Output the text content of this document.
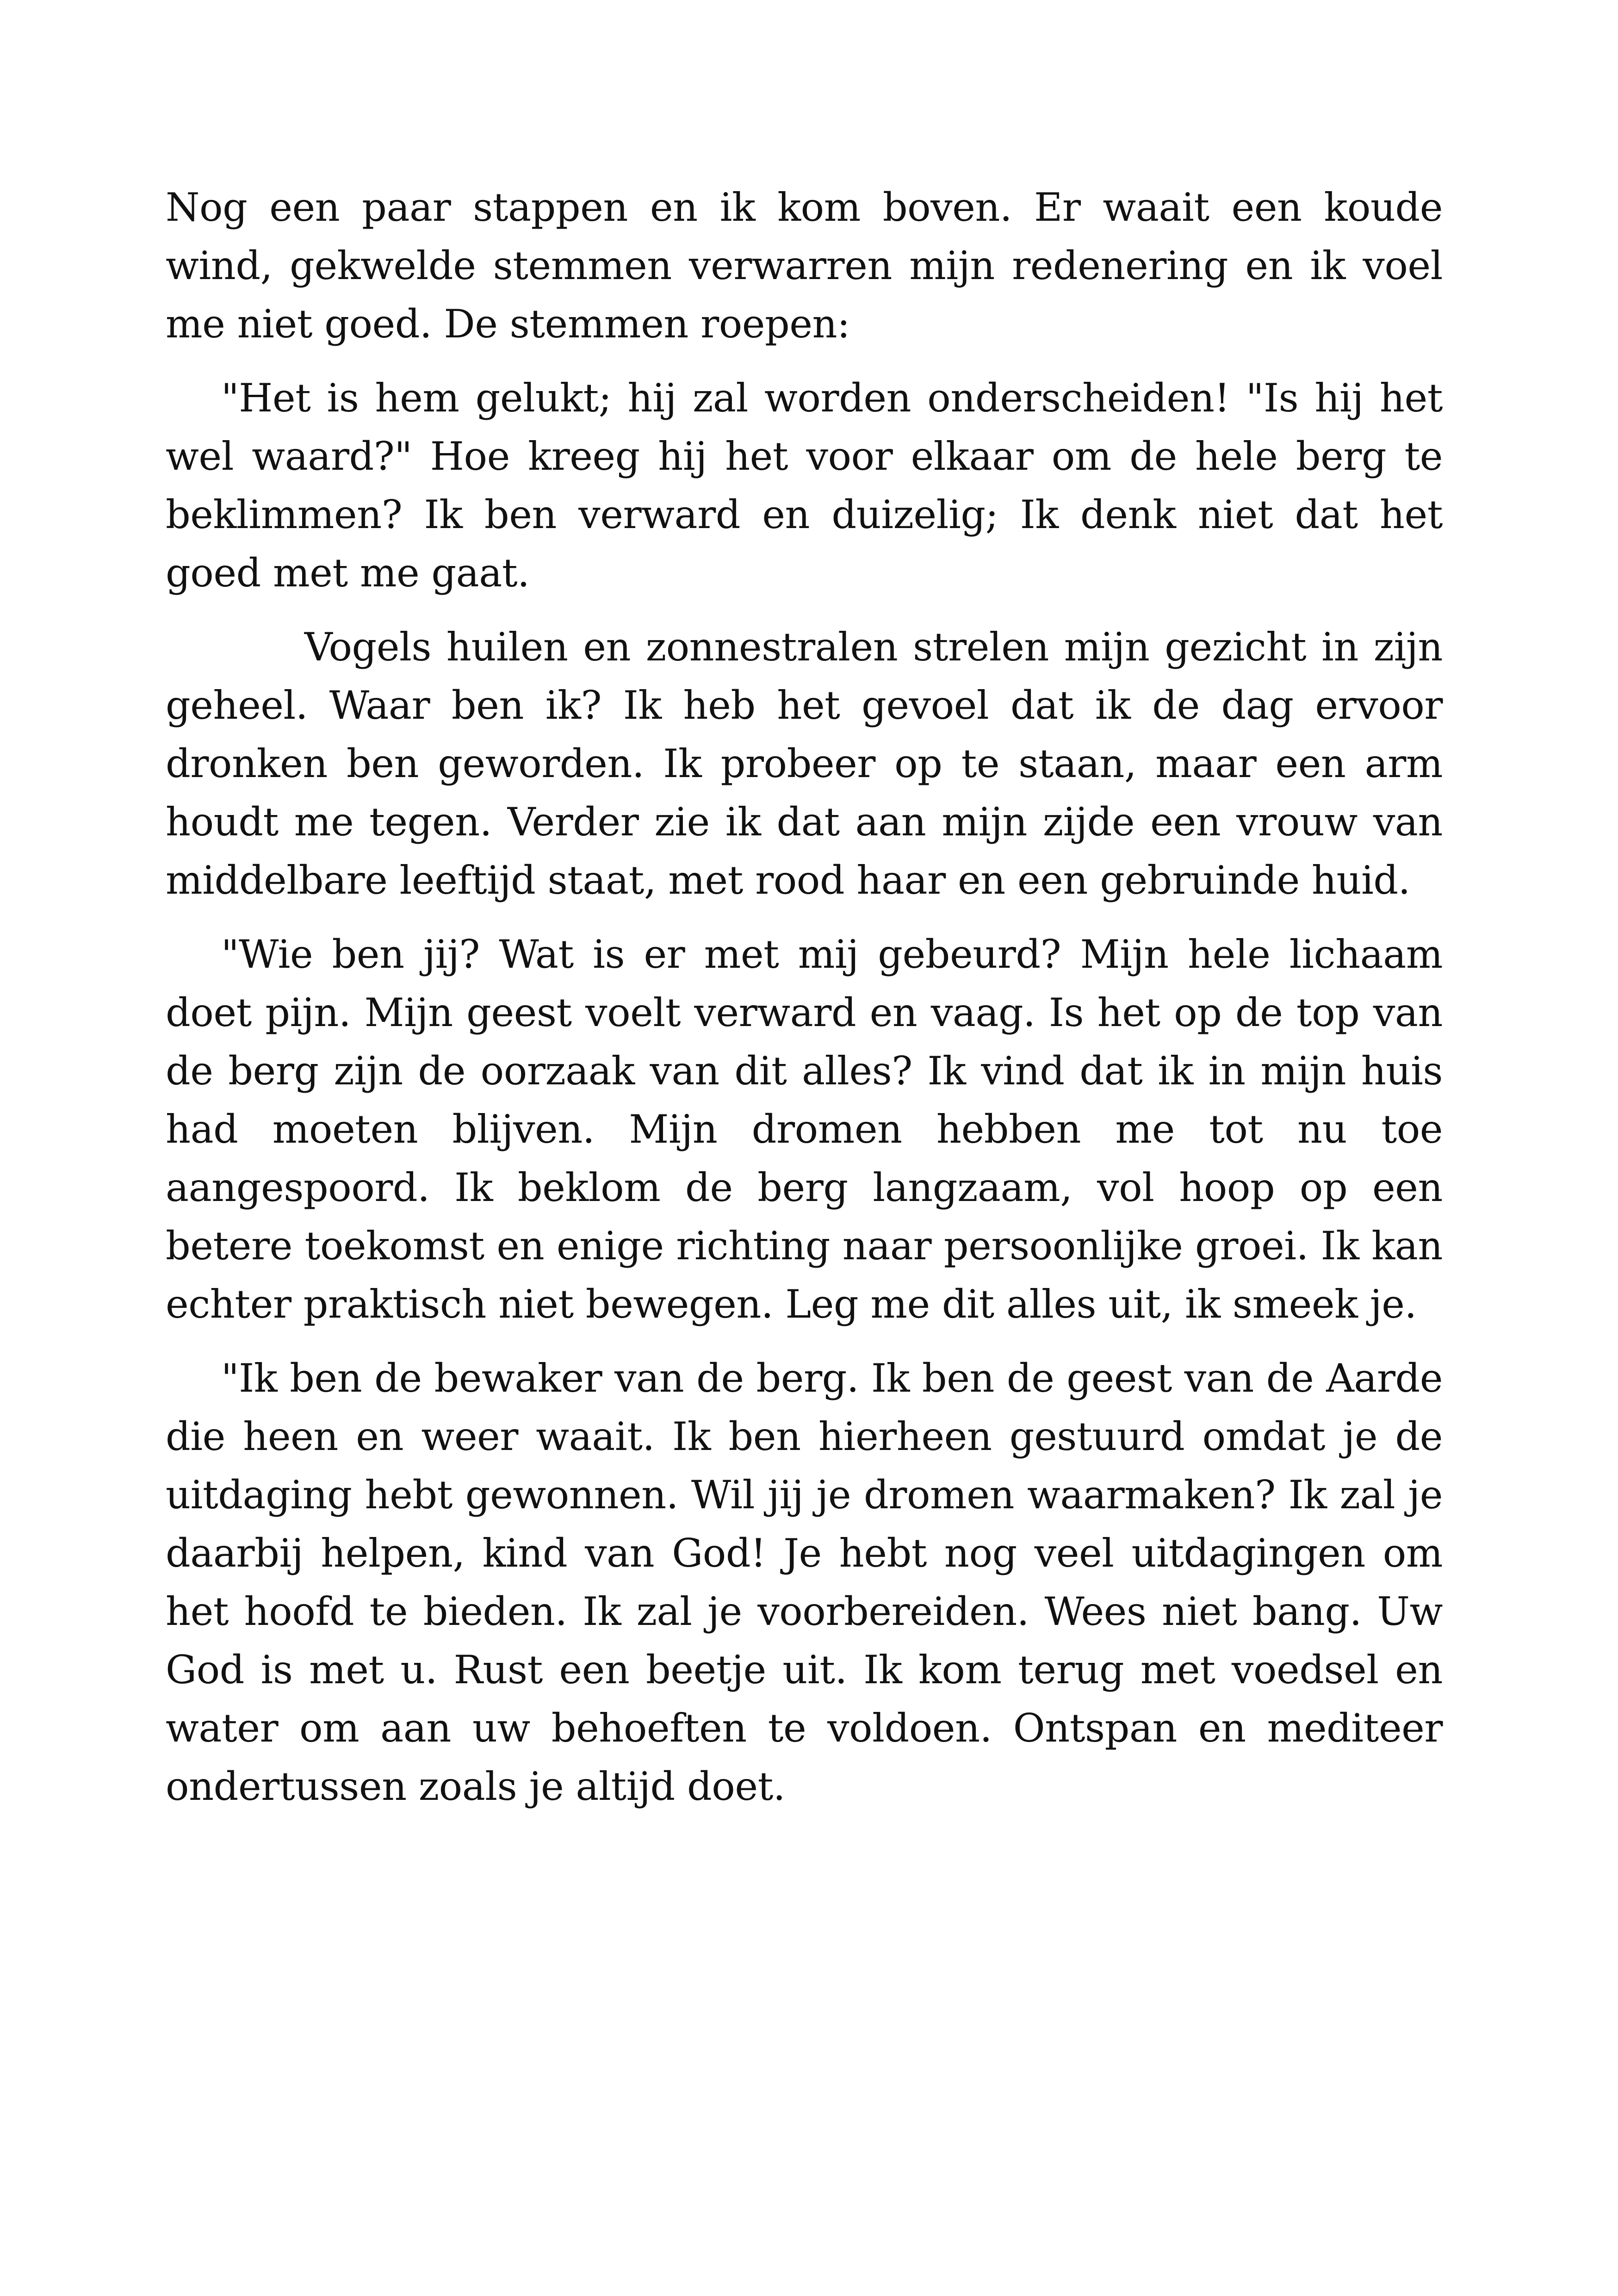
Nog een paar stappen en ik kom boven. Er waait een koude wind, gekwelde stemmen verwarren mijn redenering en ik voel me niet goed. De stemmen roepen:

"Het is hem gelukt; hij zal worden onderscheiden! "Is hij het wel waard?" Hoe kreeg hij het voor elkaar om de hele berg te beklimmen? Ik ben verward en duizelig; Ik denk niet dat het goed met me gaat.

Vogels huilen en zonnestralen strelen mijn gezicht in zijn geheel. Waar ben ik? Ik heb het gevoel dat ik de dag ervoor dronken ben geworden. Ik probeer op te staan, maar een arm houdt me tegen. Verder zie ik dat aan mijn zijde een vrouw van middelbare leeftijd staat, met rood haar en een gebruinde huid.

"Wie ben jij? Wat is er met mij gebeurd? Mijn hele lichaam doet pijn. Mijn geest voelt verward en vaag. Is het op de top van de berg zijn de oorzaak van dit alles? Ik vind dat ik in mijn huis had moeten blijven. Mijn dromen hebben me tot nu toe aangespoord. Ik beklom de berg langzaam, vol hoop op een betere toekomst en enige richting naar persoonlijke groei. Ik kan echter praktisch niet bewegen. Leg me dit alles uit, ik smeek je.

"Ik ben de bewaker van de berg. Ik ben de geest van de Aarde die heen en weer waait. Ik ben hierheen gestuurd omdat je de uitdaging hebt gewonnen. Wil jij je dromen waarmaken? Ik zal je daarbij helpen, kind van God! Je hebt nog veel uitdagingen om het hoofd te bieden. Ik zal je voorbereiden. Wees niet bang. Uw God is met u. Rust een beetje uit. Ik kom terug met voedsel en water om aan uw behoeften te voldoen. Ontspan en mediteer ondertussen zoals je altijd doet.
